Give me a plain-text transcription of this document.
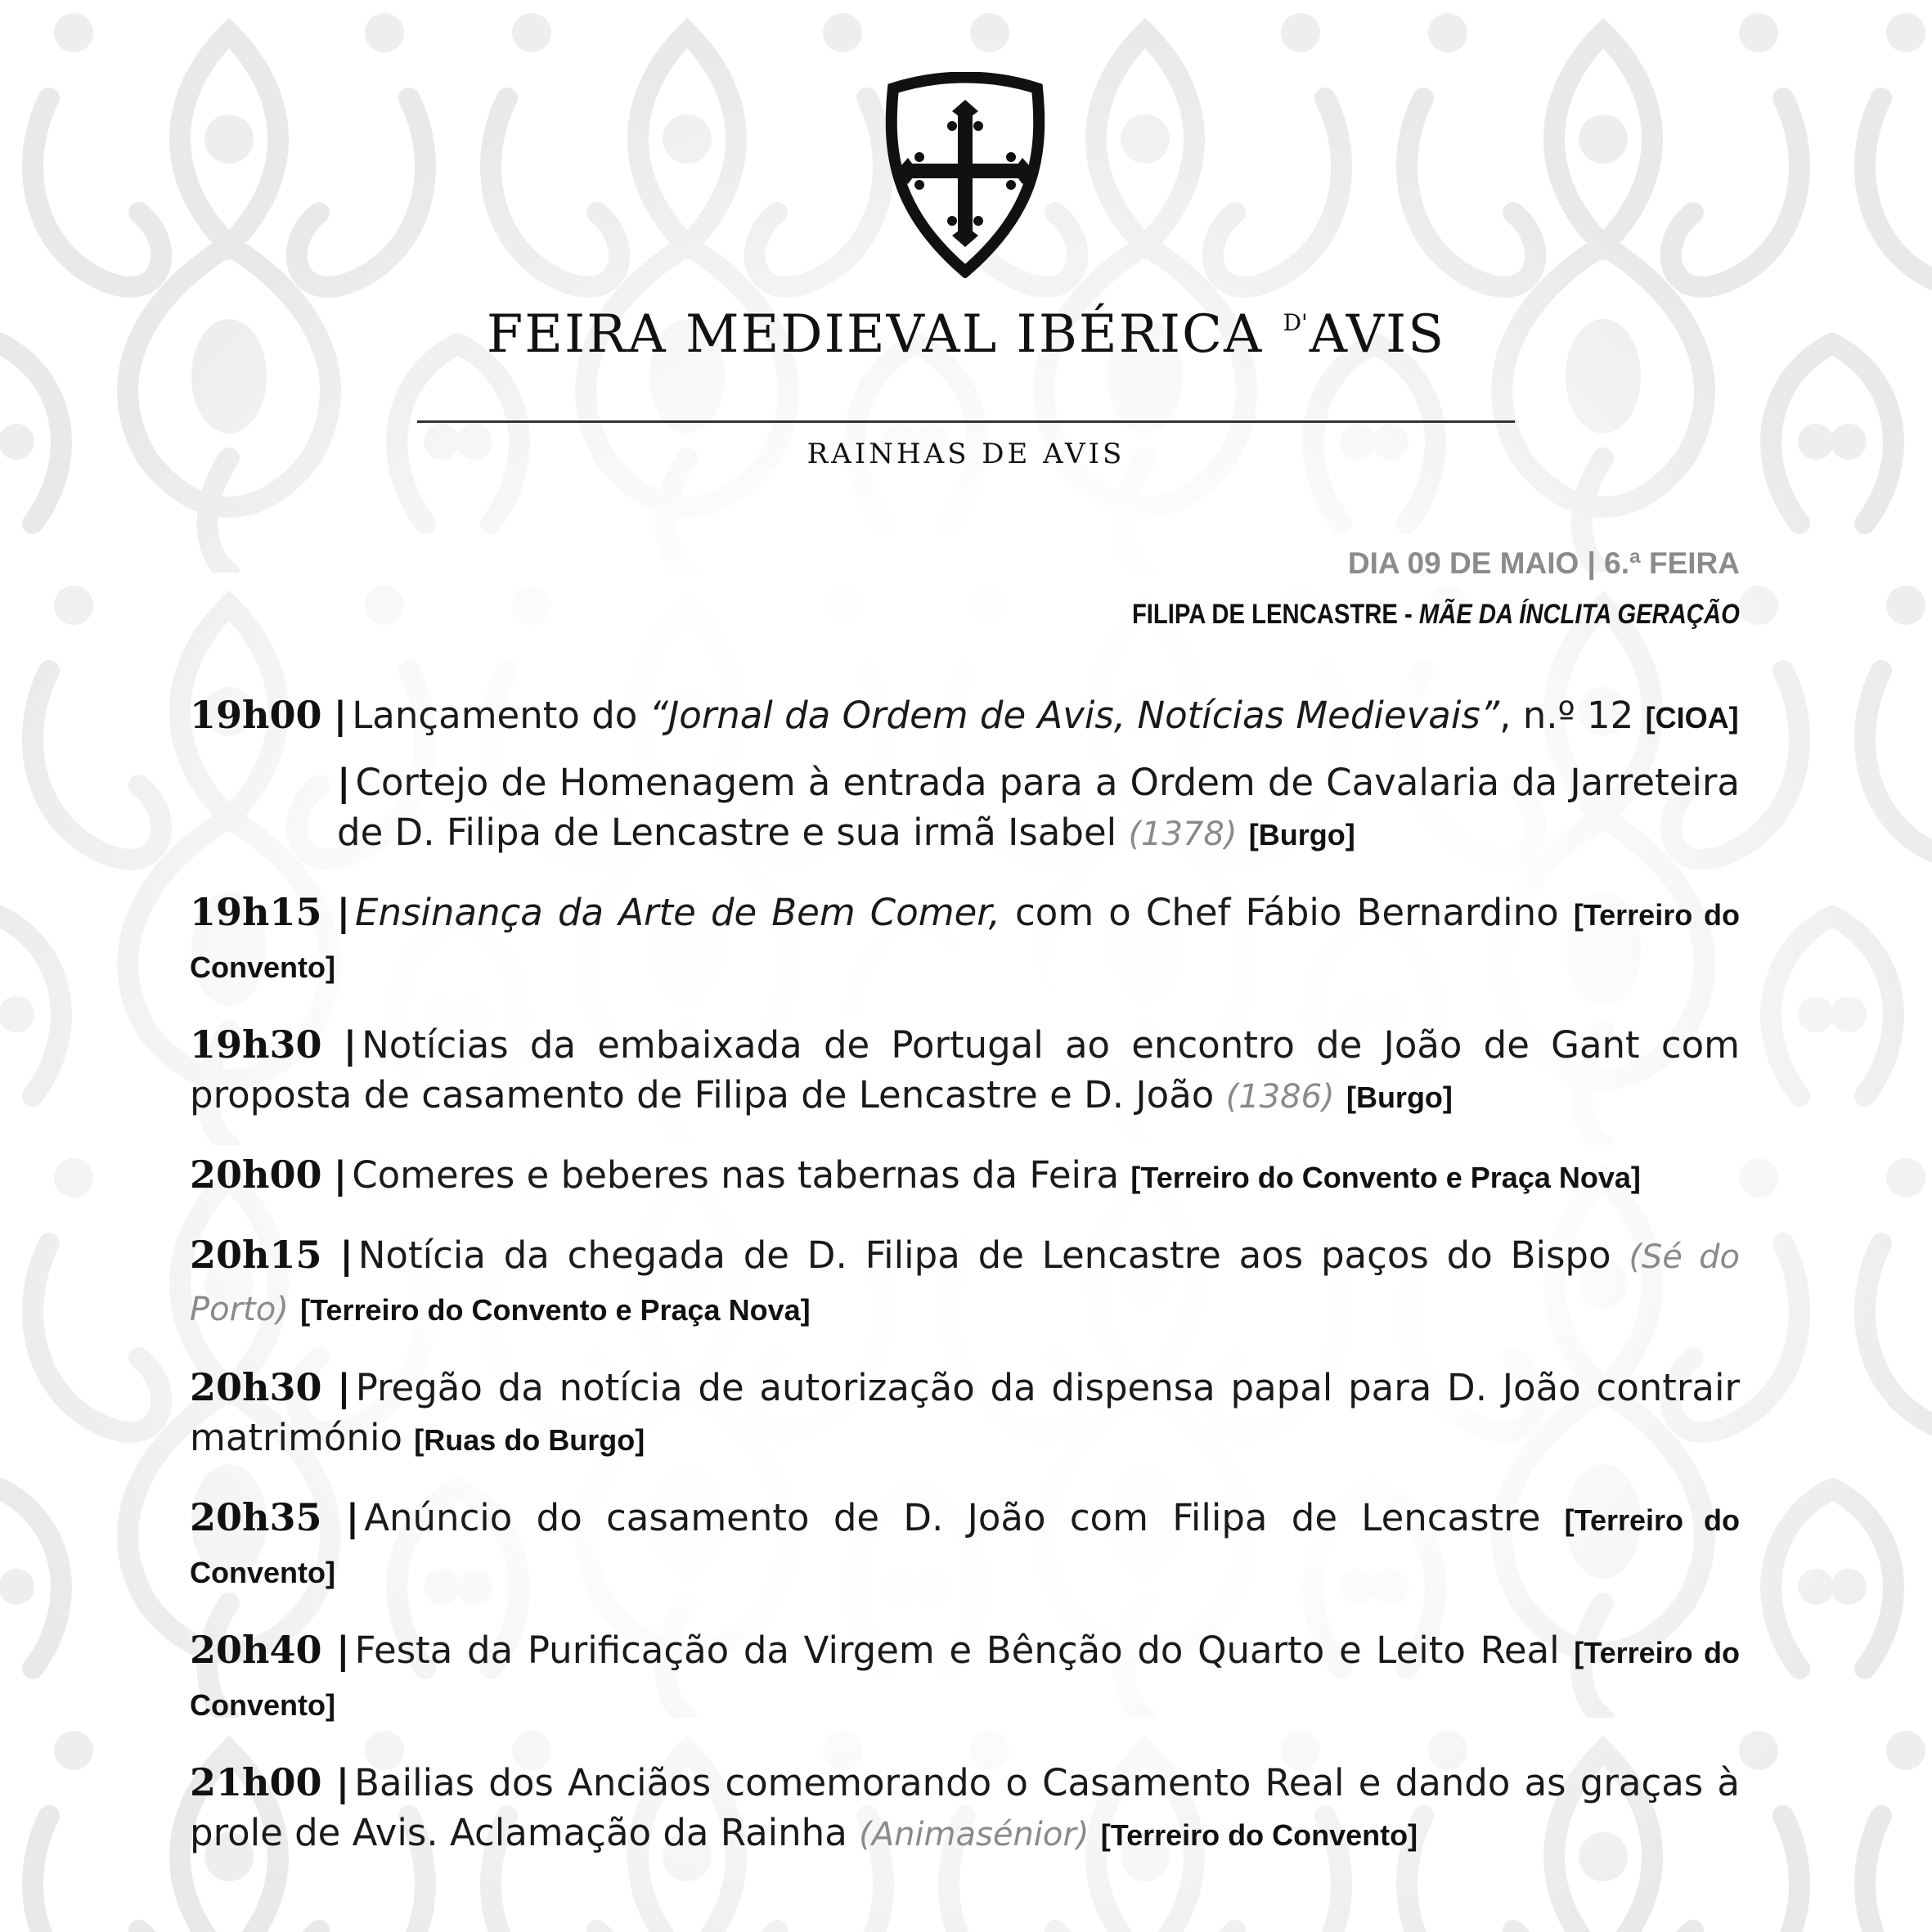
FEIRA MEDIEVAL IBÉRICA $^{D'}$AVIS
RAINHAS DE AVIS
DIA 09 DE MAIO | 6.ª FEIRA
FILIPA DE LENCASTRE - MÃE DA ÍNCLITA GERAÇÃO
19h00 | Lançamento do “Jornal da Ordem de Avis, Notícias Medievais”, n.º 12 [CIOA]
| Cortejo de Homenagem à entrada para a Ordem de Cavalaria da Jarreteira de D. Filipa de Lencastre e sua irmã Isabel (1378) [Burgo]
19h15 | Ensinança da Arte de Bem Comer, com o Chef Fábio Bernardino [Terreiro do Convento]
19h30 | Notícias da embaixada de Portugal ao encontro de João de Gant com proposta de casamento de Filipa de Lencastre e D. João (1386) [Burgo]
20h00 | Comeres e beberes nas tabernas da Feira [Terreiro do Convento e Praça Nova]
20h15 | Notícia da chegada de D. Filipa de Lencastre aos paços do Bispo (Sé do Porto) [Terreiro do Convento e Praça Nova]
20h30 | Pregão da notícia de autorização da dispensa papal para D. João contrair matrimónio [Ruas do Burgo]
20h35 | Anúncio do casamento de D. João com Filipa de Lencastre [Terreiro do Convento]
20h40 | Festa da Purificação da Virgem e Bênção do Quarto e Leito Real [Terreiro do Convento]
21h00 | Bailias dos Anciãos comemorando o Casamento Real e dando as graças à prole de Avis. Aclamação da Rainha (Animasénior) [Terreiro do Convento]
